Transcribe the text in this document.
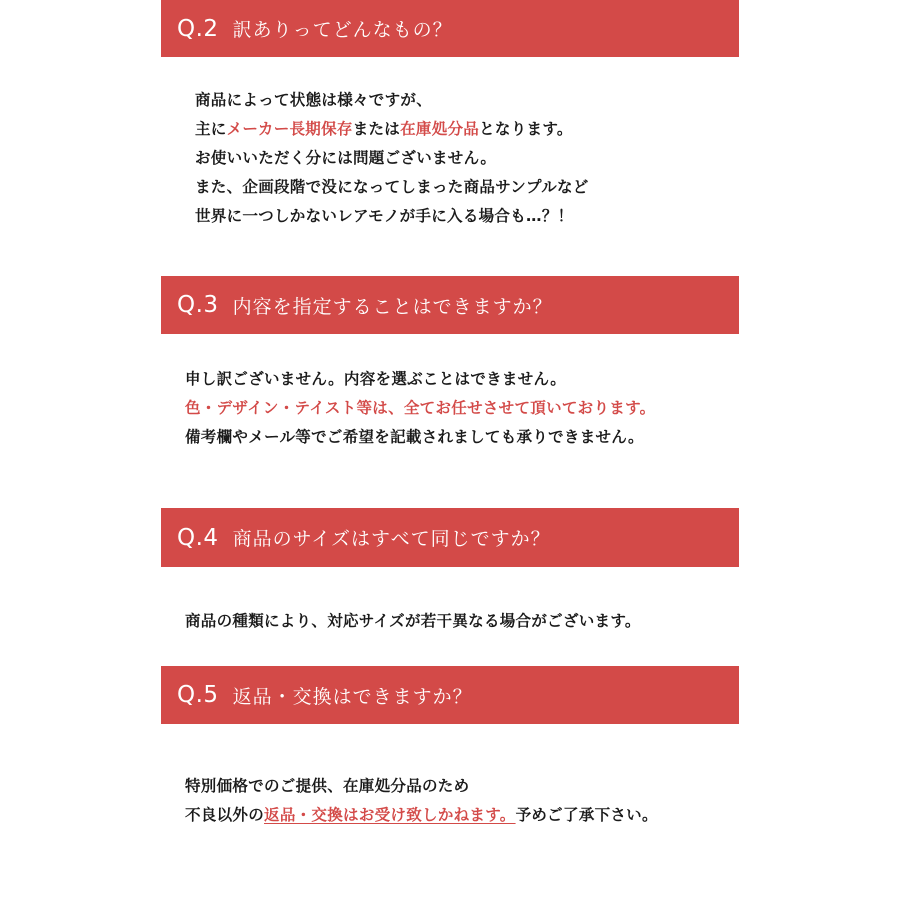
Q.2 訳ありってどんなもの？
商品によって状態は様々ですが、
主にメーカー長期保存または在庫処分品となります。
お使いいただく分には問題ございません。
また、企画段階で没になってしまった商品サンプルなど
世界に一つしかないレアモノが手に入る場合も…？！
Q.3 内容を指定することはできますか？
申し訳ございません。内容を選ぶことはできません。
色・デザイン・テイスト等は、全てお任せさせて頂いております。
備考欄やメール等でご希望を記載されましても承りできません。
Q.4 商品のサイズはすべて同じですか？
商品の種類により、対応サイズが若干異なる場合がございます。
Q.5 返品・交換はできますか？
特別価格でのご提供、在庫処分品のため
不良以外の返品・交換はお受け致しかねます。予めご了承下さい。
